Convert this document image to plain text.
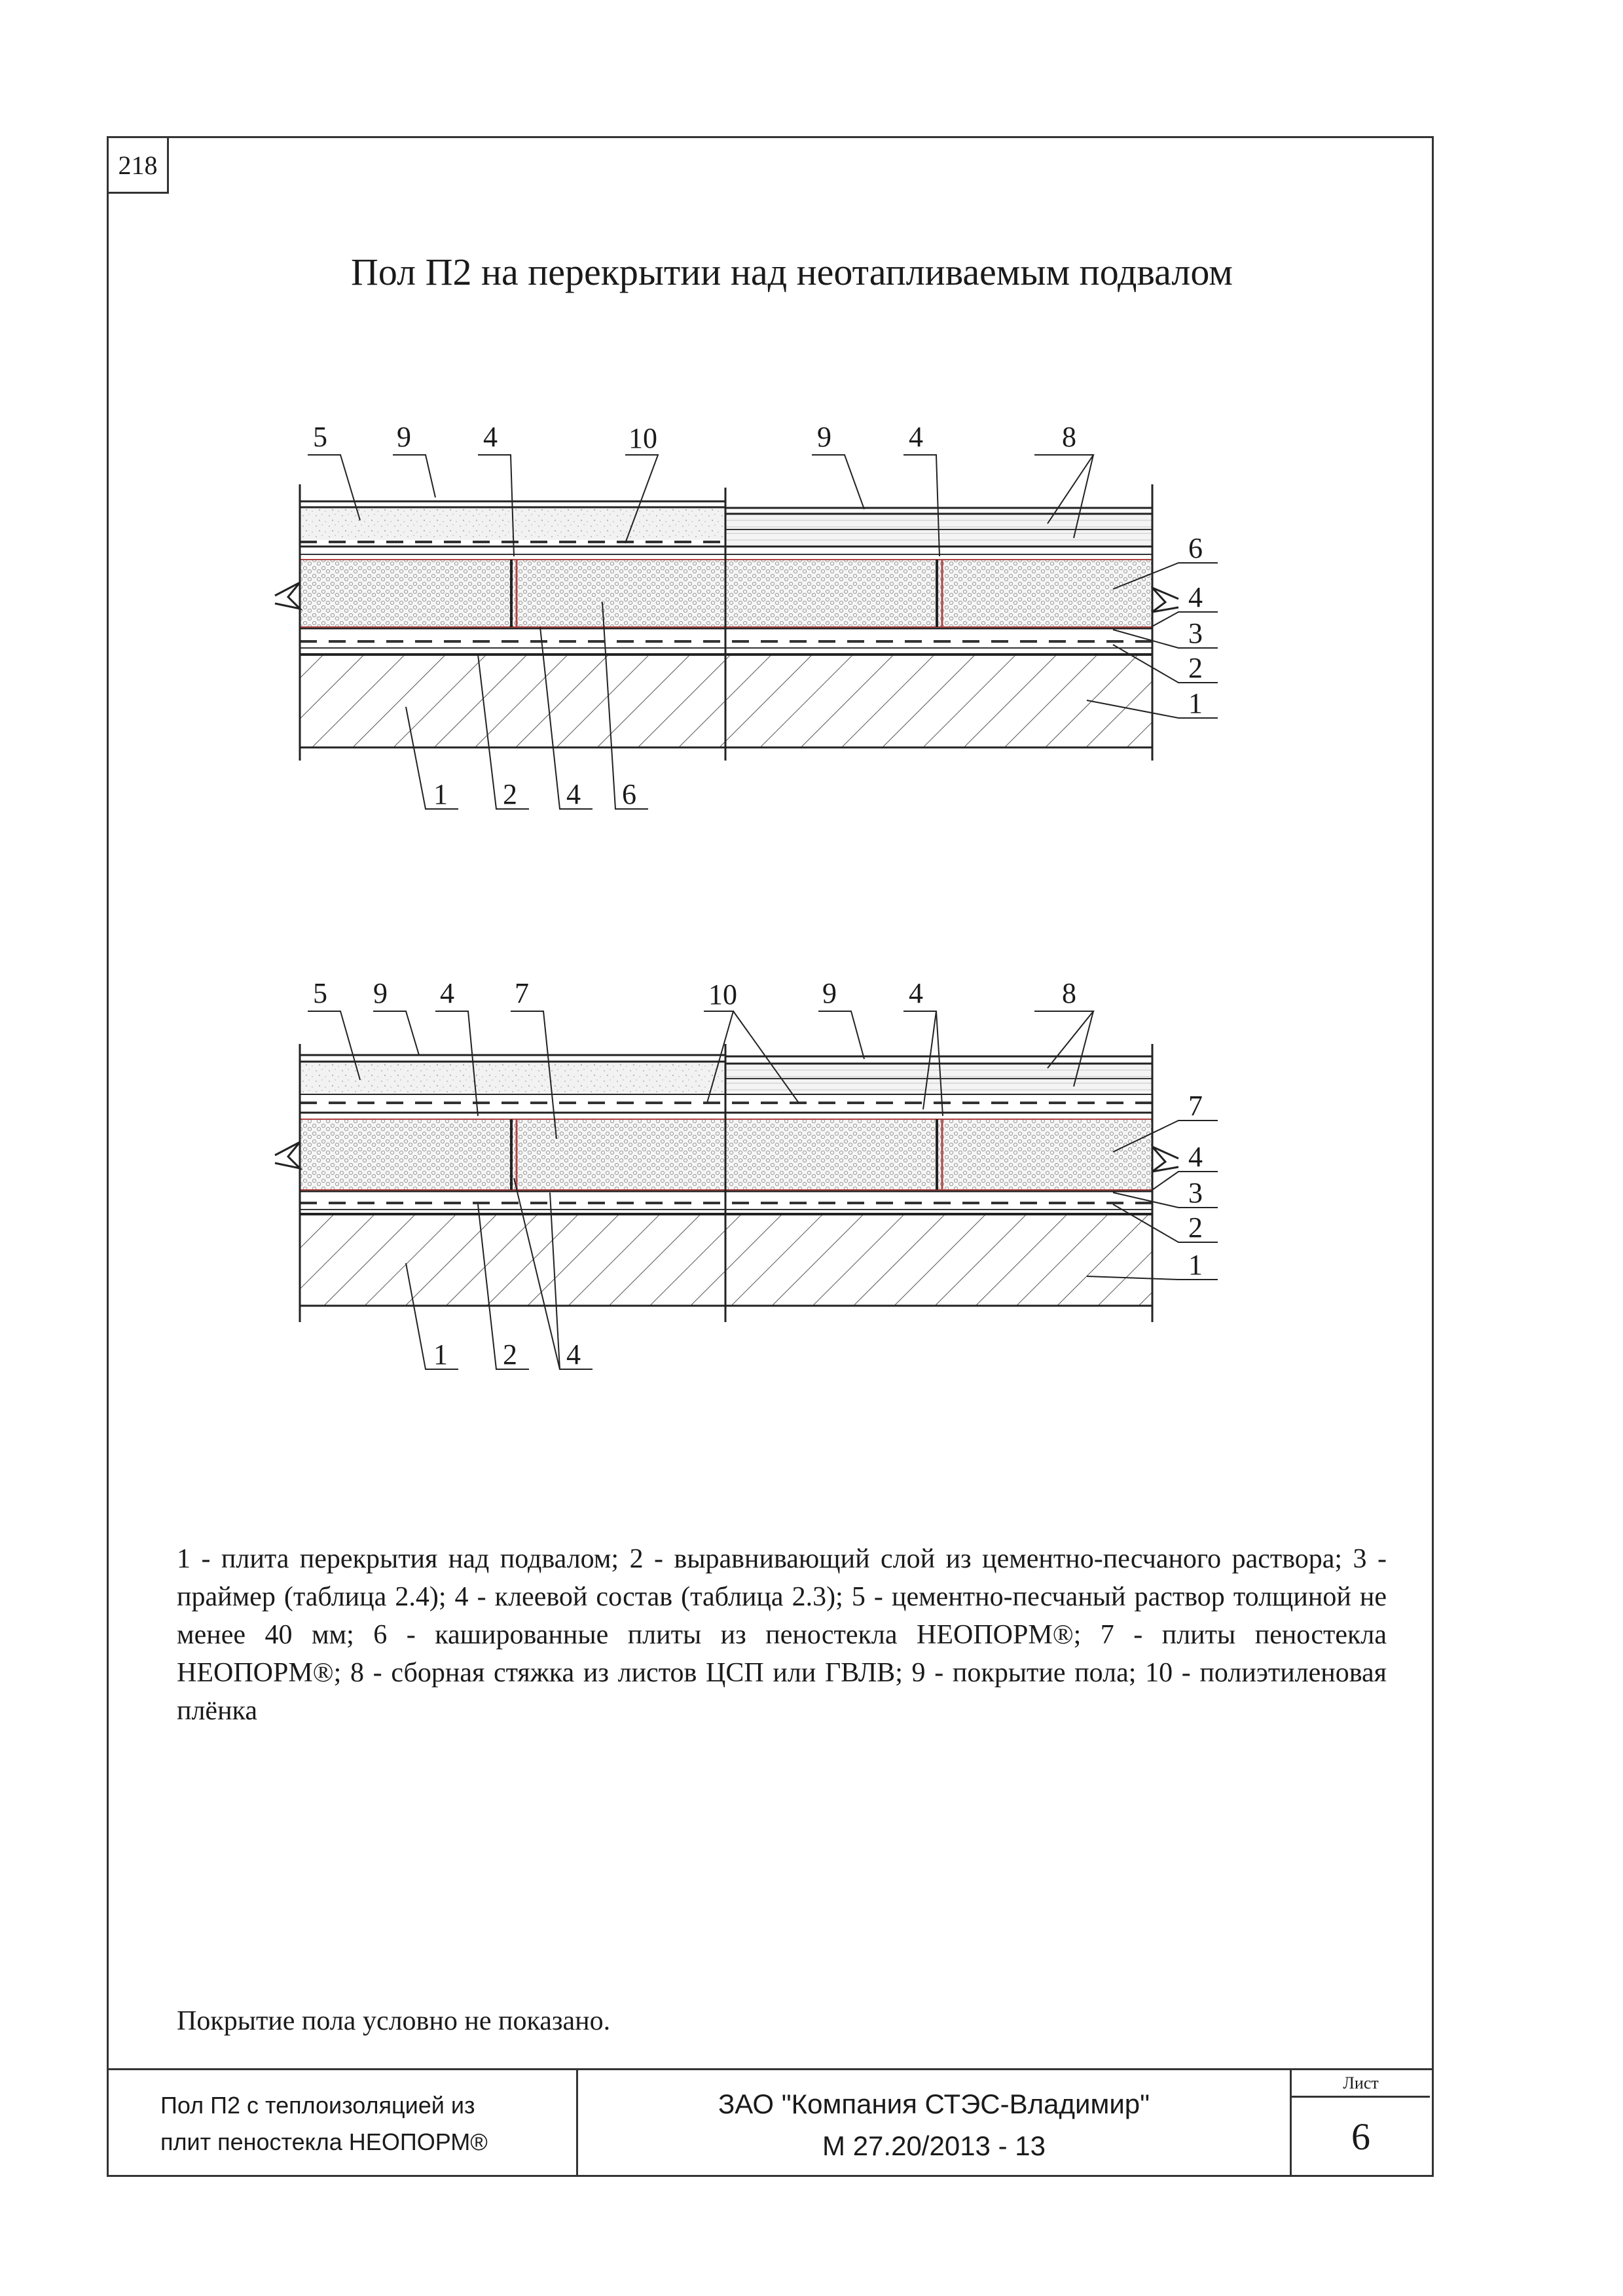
218
Пол П2 на перекрытии над неотапливаемым подвалом
5 9	4	10	9	4	8
6
4
3
2
1
1 2 4 6
5 9 4 7	10	9	4	8
7
4
3
2
1
1 2 4
1 - плита перекрытия над подвалом; 2 - выравнивающий слой из цементно-песчаного раствора; 3 - праймер (таблица 2.4); 4 - клеевой состав (таблица 2.3); 5 - цементно-песчаный раствор толщиной не менее 40 мм; 6 - кашированные плиты из пеностекла НЕОПОРМ®; 7 - плиты пеностекла НЕОПОРМ®; 8 - сборная стяжка из листов ЦСП или ГВЛВ; 9 - покрытие пола; 10 - полиэтиленовая плёнка
Покрытие пола условно не показано.
Пол П2 с теплоизоляцией из
плит пеностекла НЕОПОРМ®
ЗАО "Компания СТЭС-Владимир"
М 27.20/2013 - 13
Лист
6
